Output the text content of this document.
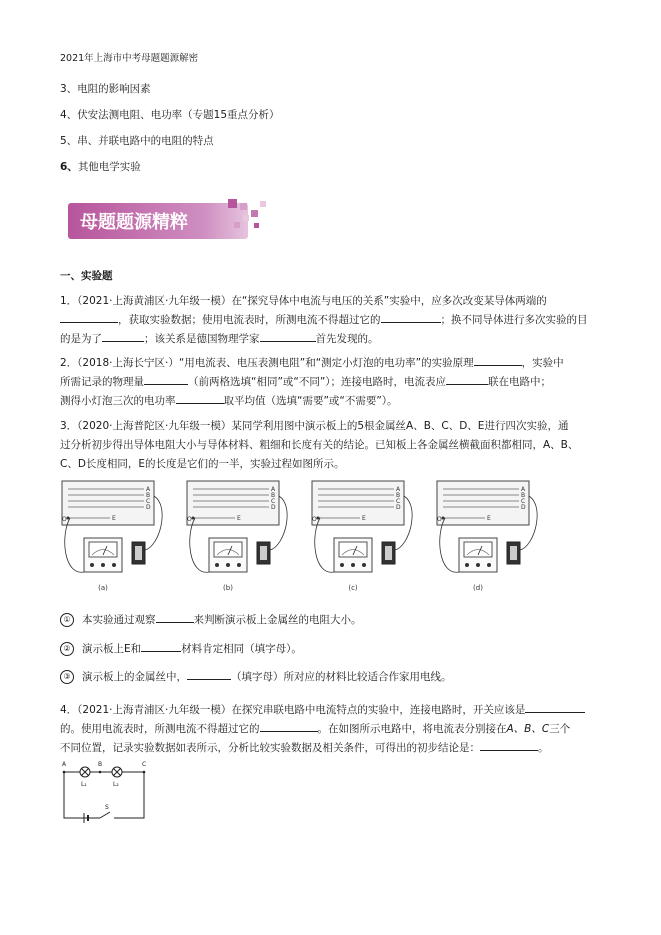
2021年上海市中考母题题源解密
3、电阻的影响因素
4、伏安法测电阻、电功率（专题15重点分析）
5、串、并联电路中的电阻的特点
6、其他电学实验
母题题源精粹
一、实验题
1．（2021·上海黄浦区·九年级一模）在“探究导体中电流与电压的关系”实验中，应多次改变某导体两端的
，获取实验数据；使用电流表时，所测电流不得超过它的	；换不同导体进行多次实验的目
的是为了	；该关系是德国物理学家	首先发现的。
2．（2018·上海长宁区·）“用电流表、电压表测电阻”和“测定小灯泡的电功率”的实验原理	，实验中
所需记录的物理量	（前两格选填“相同”或“不同”）；连接电路时，电流表应	联在电路中；
测得小灯泡三次的电功率	取平均值（选填“需要”或“不需要”）。
3．（2020·上海普陀区·九年级一模）某同学利用图中演示板上的5根金属丝A、B、C、D、E进行四次实验，通
过分析初步得出导体电阻大小与导体材料、粗细和长度有关的结论。已知板上各金属丝横截面积都相同，A、B、
C、D长度相同，E的长度是它们的一半，实验过程如图所示。
A
B
C
D
E
O
A
B
C
D
E
O
A
B
C
D
E
O
A
B
C
D
E
O
(a)	(b)	(c)	(d)
① 本实验通过观察	来判断演示板上金属丝的电阻大小。
② 演示板上E和	材料肯定相同（填字母）。
③ 演示板上的金属丝中，	（填字母）所对应的材料比较适合作家用电线。
4．（2021·上海青浦区·九年级一模）在探究串联电路中电流特点的实验中，连接电路时，开关应该是
的。使用电流表时，所测电流不得超过它的	。在如图所示电路中，将电流表分别接在A、B、C三个
不同位置，记录实验数据如表所示，分析比较实验数据及相关条件，可得出的初步结论是：	。
A	B	C
L₁	L₂
S
